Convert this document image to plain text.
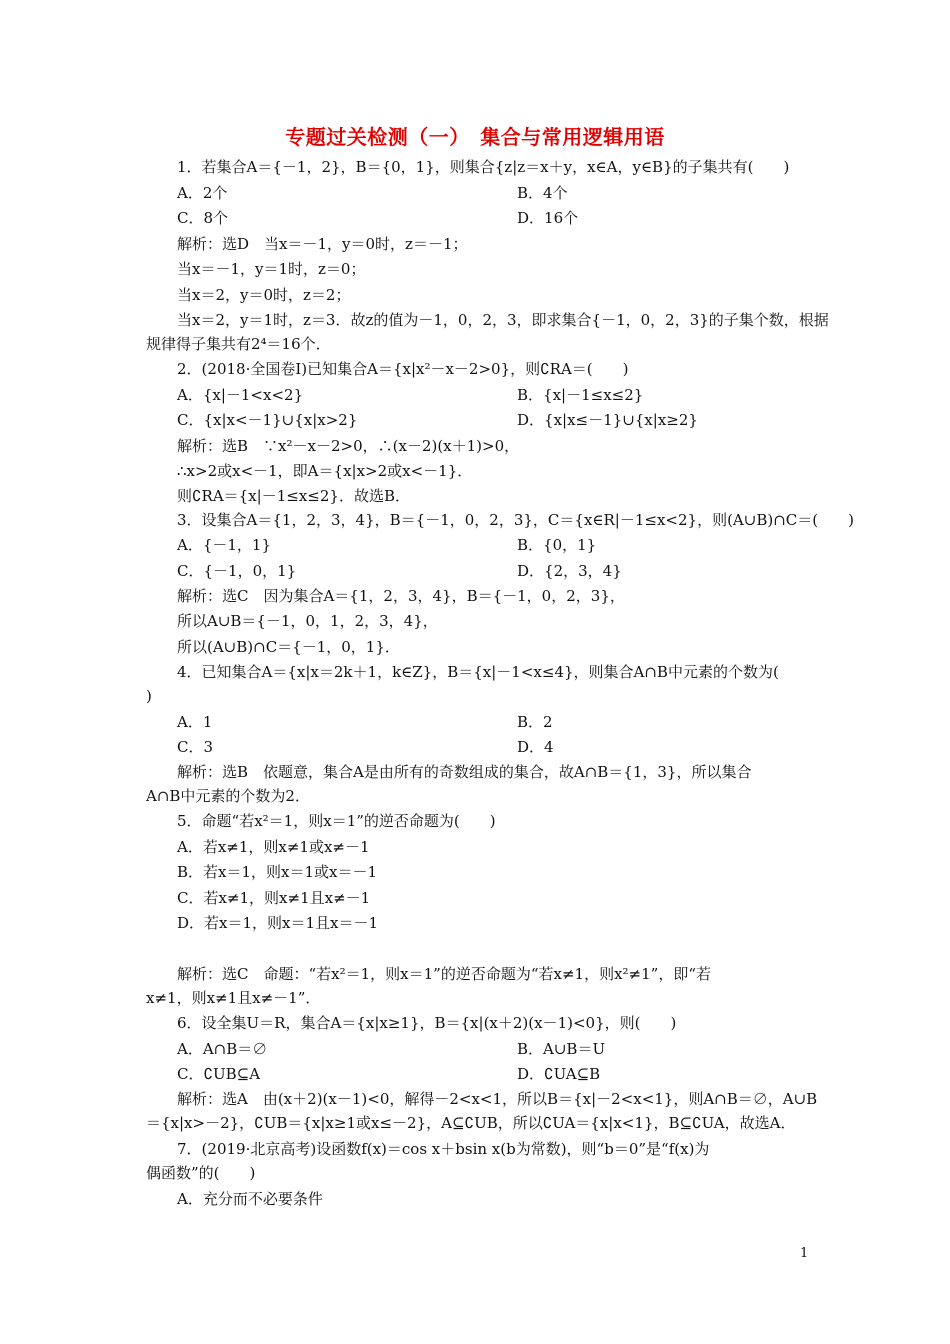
专题过关检测（一）　集合与常用逻辑用语
1．若集合A＝{－1，2}，B＝{0，1}，则集合{z|z＝x＋y，x∈A，y∈B}的子集共有(　　)
A．2个	B．4个
C．8个	D．16个
解析：选D　当x＝－1，y＝0时，z＝－1；
当x＝－1，y＝1时，z＝0；
当x＝2，y＝0时，z＝2；
当x＝2，y＝1时，z＝3．故z的值为－1，0，2，3，即求集合{－1，0，2，3}的子集个数，根据
规律得子集共有2⁴＝16个．
2．(2018·全国卷Ⅰ)已知集合A＝{x|x²－x－2>0}，则∁RA＝(　　)
A．{x|－1<x<2}	B．{x|－1≤x≤2}
C．{x|x<－1}∪{x|x>2}	D．{x|x≤－1}∪{x|x≥2}
解析：选B　∵x²－x－2>0，∴(x－2)(x＋1)>0，
∴x>2或x<－1，即A＝{x|x>2或x<－1}．
则∁RA＝{x|－1≤x≤2}．故选B．
3．设集合A＝{1，2，3，4}，B＝{－1，0，2，3}，C＝{x∈R|－1≤x<2}，则(A∪B)∩C＝(　　)
A．{－1，1}	B．{0，1}
C．{－1，0，1}	D．{2，3，4}
解析：选C　因为集合A＝{1，2，3，4}，B＝{－1，0，2，3}，
所以A∪B＝{－1，0，1，2，3，4}，
所以(A∪B)∩C＝{－1，0，1}．
4．已知集合A＝{x|x＝2k＋1，k∈Z}，B＝{x|－1<x≤4}，则集合A∩B中元素的个数为(
)
A．1	B．2
C．3	D．4
解析：选B　依题意，集合A是由所有的奇数组成的集合，故A∩B＝{1，3}，所以集合
A∩B中元素的个数为2．
5．命题“若x²＝1，则x＝1”的逆否命题为(　　)
A．若x≠1，则x≠1或x≠－1
B．若x＝1，则x＝1或x＝－1
C．若x≠1，则x≠1且x≠－1
D．若x＝1，则x＝1且x＝－1
解析：选C　命题：“若x²＝1，则x＝1”的逆否命题为“若x≠1，则x²≠1”，即“若
x≠1，则x≠1且x≠－1”．
6．设全集U＝R，集合A＝{x|x≥1}，B＝{x|(x＋2)(x－1)<0}，则(　　)
A．A∩B＝∅	B．A∪B＝U
C．∁UB⊆A	D．∁UA⊆B
解析：选A　由(x＋2)(x－1)<0，解得－2<x<1，所以B＝{x|－2<x<1}，则A∩B＝∅，A∪B
＝{x|x>－2}，∁UB＝{x|x≥1或x≤－2}，A⊆∁UB，所以∁UA＝{x|x<1}，B⊆∁UA，故选A．
7．(2019·北京高考)设函数f(x)＝cos x＋bsin x(b为常数)，则“b＝0”是“f(x)为
偶函数”的(　　)
A．充分而不必要条件
1
